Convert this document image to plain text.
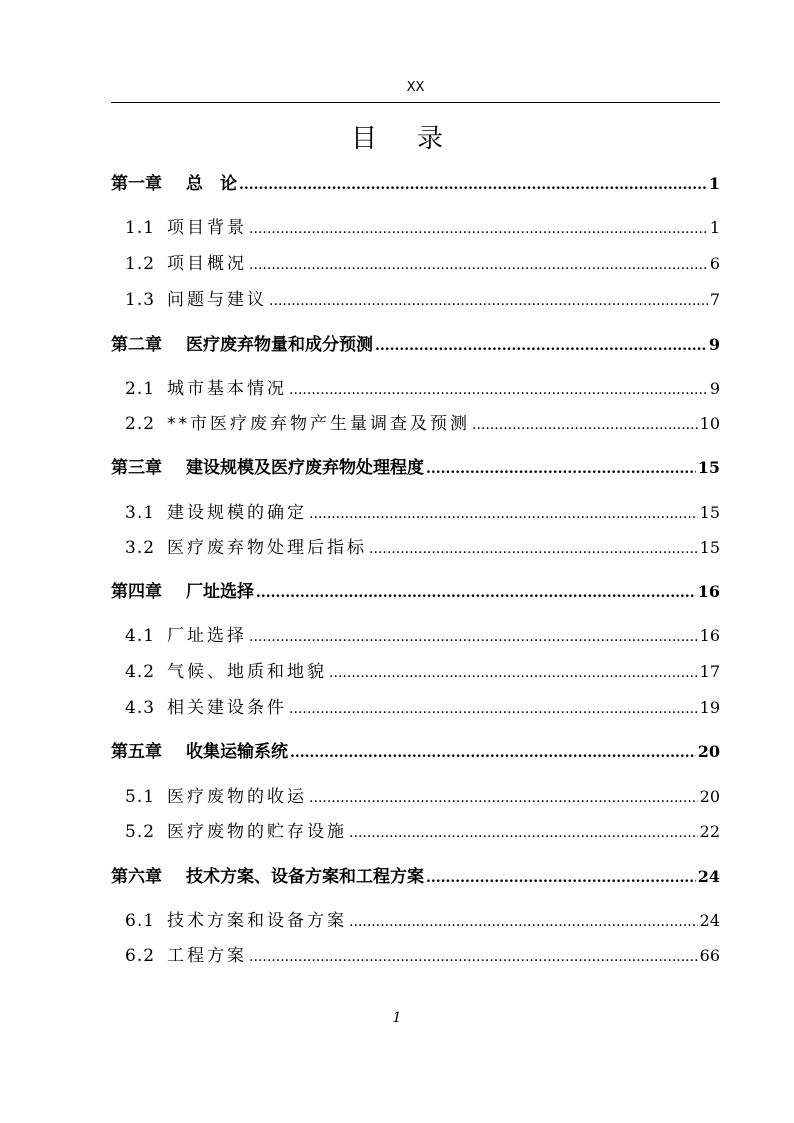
XX
目录
第一章 总　论 .....	1
1.1 项目背景 .....	1
1.2 项目概况 .....	6
1.3 问题与建议 .....	7
第二章 医疗废弃物量和成分预测 .....	9
2.1 城市基本情况 .....	9
2.2 **市医疗废弃物产生量调查及预测 .....	10
第三章 建设规模及医疗废弃物处理程度 .....	15
3.1 建设规模的确定 .....	15
3.2 医疗废弃物处理后指标 .....	15
第四章 厂址选择 .....	16
4.1 厂址选择 .....	16
4.2 气候、地质和地貌 .....	17
4.3 相关建设条件 .....	19
第五章 收集运输系统 .....	20
5.1 医疗废物的收运 .....	20
5.2 医疗废物的贮存设施 .....	22
第六章 技术方案、设备方案和工程方案 .....	24
6.1 技术方案和设备方案 .....	24
6.2 工程方案 .....	66
1
